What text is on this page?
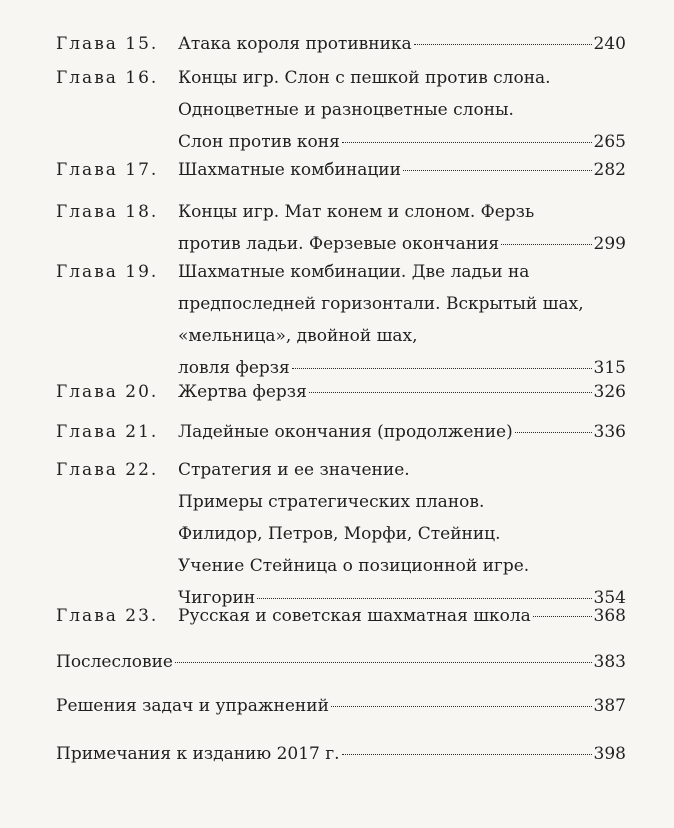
Глава 15.	Атака короля противника	240
Глава 16.	Концы игр. Слон с пешкой против слона.
Одноцветные и разноцветные слоны.
Слон против коня	265
Глава 17.	Шахматные комбинации	282
Глава 18.	Концы игр. Мат конем и слоном. Ферзь
против ладьи. Ферзевые окончания	299
Глава 19.	Шахматные комбинации. Две ладьи на
предпоследней горизонтали. Вскрытый шах,
«мельница», двойной шах,
ловля ферзя	315
Глава 20.	Жертва ферзя	326
Глава 21.	Ладейные окончания (продолжение)	336
Глава 22.	Стратегия и ее значение.
Примеры стратегических планов.
Филидор, Петров, Морфи, Стейниц.
Учение Стейница о позиционной игре.
Чигорин	354
Глава 23.	Русская и советская шахматная школа	368
Послесловие	383
Решения задач и упражнений	387
Примечания к изданию 2017 г.	398
